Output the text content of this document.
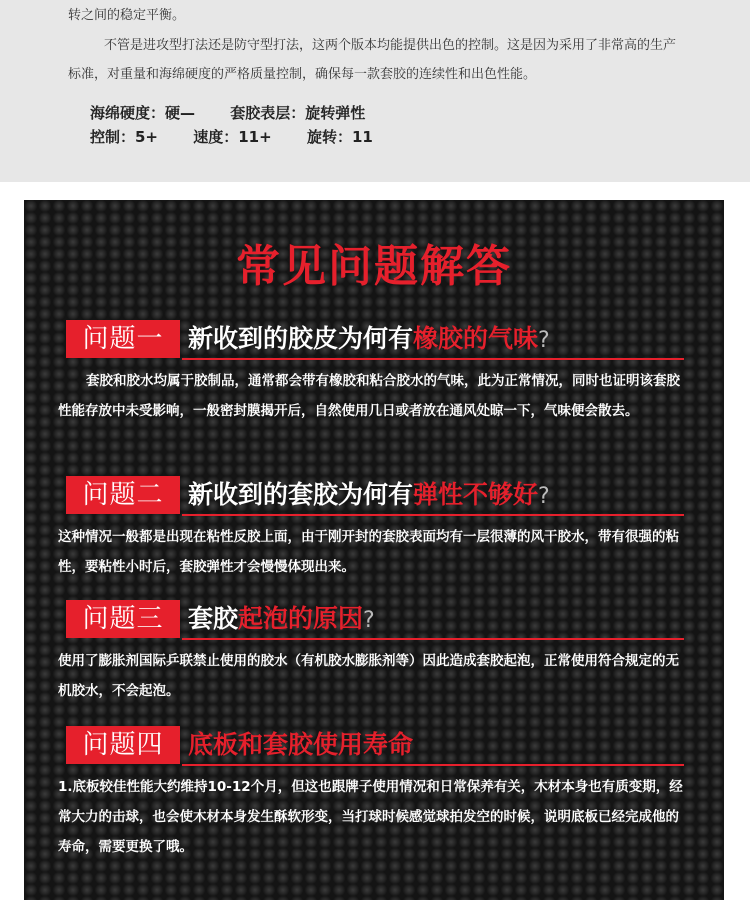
转之间的稳定平衡。
不管是进攻型打法还是防守型打法，这两个版本均能提供出色的控制。这是因为采用了非常高的生产标准，对重量和海绵硬度的严格质量控制，确保每一款套胶的连续性和出色性能。
海绵硬度：硬— 套胶表层：旋转弹性
控制：5+ 速度：11+ 旋转：11
常见问题解答
问题一 新收到的胶皮为何有橡胶的气味?
套胶和胶水均属于胶制品，通常都会带有橡胶和粘合胶水的气味，此为正常情况，同时也证明该套胶性能存放中未受影响，一般密封膜揭开后，自然使用几日或者放在通风处晾一下，气味便会散去。
问题二 新收到的套胶为何有弹性不够好?
这种情况一般都是出现在粘性反胶上面，由于刚开封的套胶表面均有一层很薄的风干胶水，带有很强的粘性，要粘性小时后，套胶弹性才会慢慢体现出来。
问题三 套胶起泡的原因?
使用了膨胀剂国际乒联禁止使用的胶水（有机胶水膨胀剂等）因此造成套胶起泡，正常使用符合规定的无机胶水，不会起泡。
问题四 底板和套胶使用寿命
1.底板较佳性能大约维持10-12个月，但这也跟牌子使用情况和日常保养有关，木材本身也有质变期，经常大力的击球，也会使木材本身发生酥软形变，当打球时候感觉球拍发空的时候，说明底板已经完成他的寿命，需要更换了哦。
